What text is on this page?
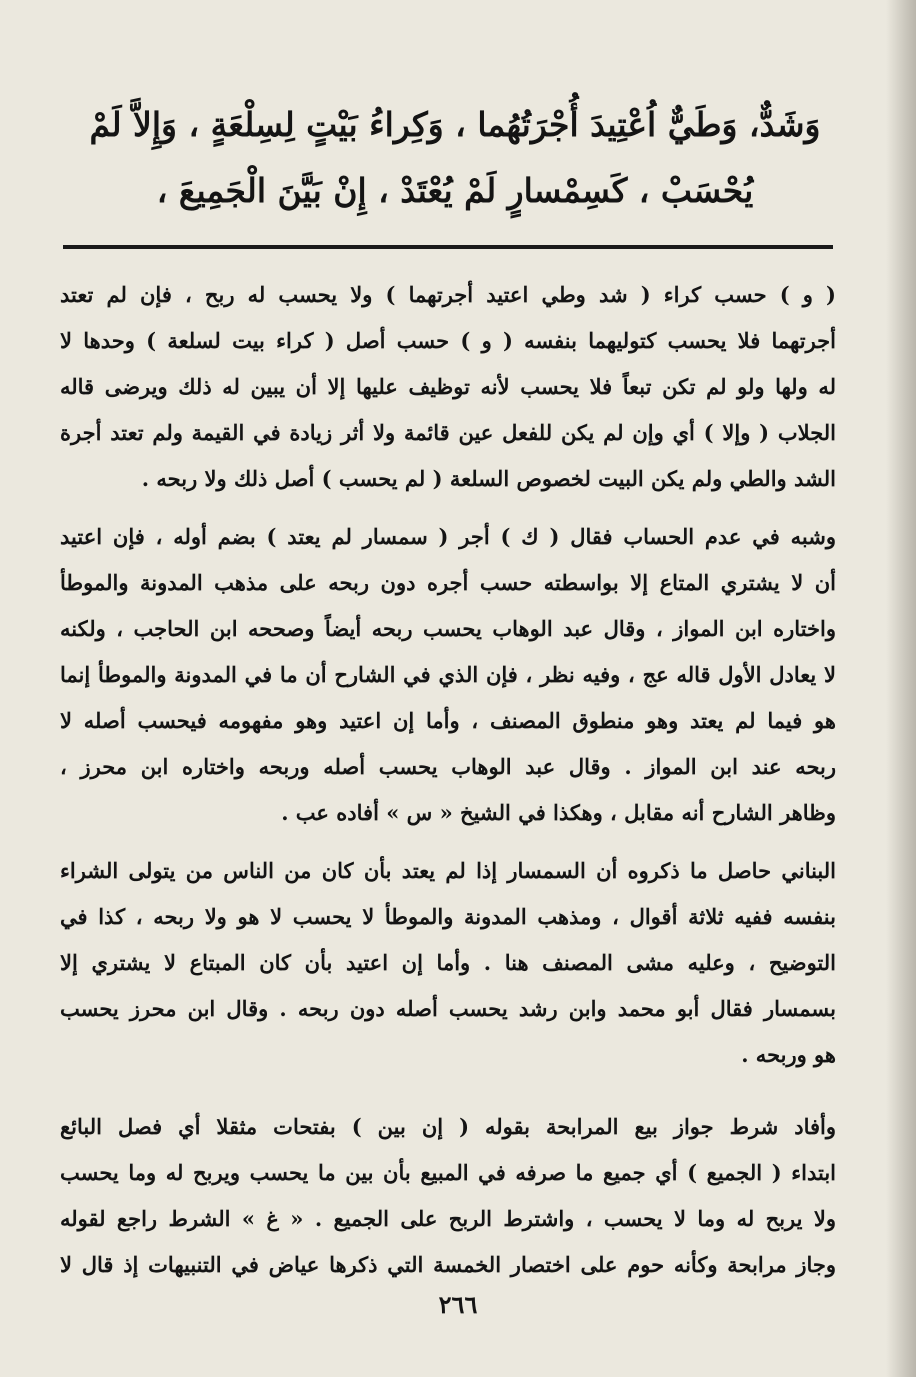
وَشَدٌّ، وَطَيٌّ اُعْتِيدَ أُجْرَتُهُما ، وَكِراءُ بَيْتٍ لِسِلْعَةٍ ، وَإِلاَّ لَمْ
يُحْسَبْ ، كَسِمْسارٍ لَمْ يُعْتَدْ ، إِنْ بَيَّنَ الْجَمِيعَ ،
( و ) حسب كراء ( شد وطي اعتيد أجرتهما ) ولا يحسب له ربح ، فإن لم تعتد
أجرتهما فلا يحسب كتوليهما بنفسه ( و ) حسب أصل ( كراء بيت لسلعة ) وحدها لا
له ولها ولو لم تكن تبعاً فلا يحسب لأنه توظيف عليها إلا أن يبين له ذلك ويرضى قاله
الجلاب ( وإلا ) أي وإن لم يكن للفعل عين قائمة ولا أثر زيادة في القيمة ولم تعتد أجرة
الشد والطي ولم يكن البيت لخصوص السلعة ( لم يحسب ) أصل ذلك ولا ربحه .
وشبه في عدم الحساب فقال ( ك ) أجر ( سمسار لم يعتد ) بضم أوله ، فإن اعتيد
أن لا يشتري المتاع إلا بواسطته حسب أجره دون ربحه على مذهب المدونة والموطأ
واختاره ابن المواز ، وقال عبد الوهاب يحسب ربحه أيضاً وصححه ابن الحاجب ، ولكنه
لا يعادل الأول قاله عج ، وفيه نظر ، فإن الذي في الشارح أن ما في المدونة والموطأ إنما
هو فيما لم يعتد وهو منطوق المصنف ، وأما إن اعتيد وهو مفهومه فيحسب أصله لا
ربحه عند ابن المواز . وقال عبد الوهاب يحسب أصله وربحه واختاره ابن محرز ،
وظاهر الشارح أنه مقابل ، وهكذا في الشيخ « س » أفاده عب .
البناني حاصل ما ذكروه أن السمسار إذا لم يعتد بأن كان من الناس من يتولى الشراء
بنفسه ففيه ثلاثة أقوال ، ومذهب المدونة والموطأ لا يحسب لا هو ولا ربحه ، كذا في
التوضيح ، وعليه مشى المصنف هنا . وأما إن اعتيد بأن كان المبتاع لا يشتري إلا
بسمسار فقال أبو محمد وابن رشد يحسب أصله دون ربحه . وقال ابن محرز يحسب
هو وربحه .
وأفاد شرط جواز بيع المرابحة بقوله ( إن بين ) بفتحات مثقلا أي فصل البائع
ابتداء ( الجميع ) أي جميع ما صرفه في المبيع بأن بين ما يحسب ويربح له وما يحسب
ولا يربح له وما لا يحسب ، واشترط الربح على الجميع . « غ » الشرط راجع لقوله
وجاز مرابحة وكأنه حوم على اختصار الخمسة التي ذكرها عياض في التنبيهات إذ قال لا
٢٦٦
